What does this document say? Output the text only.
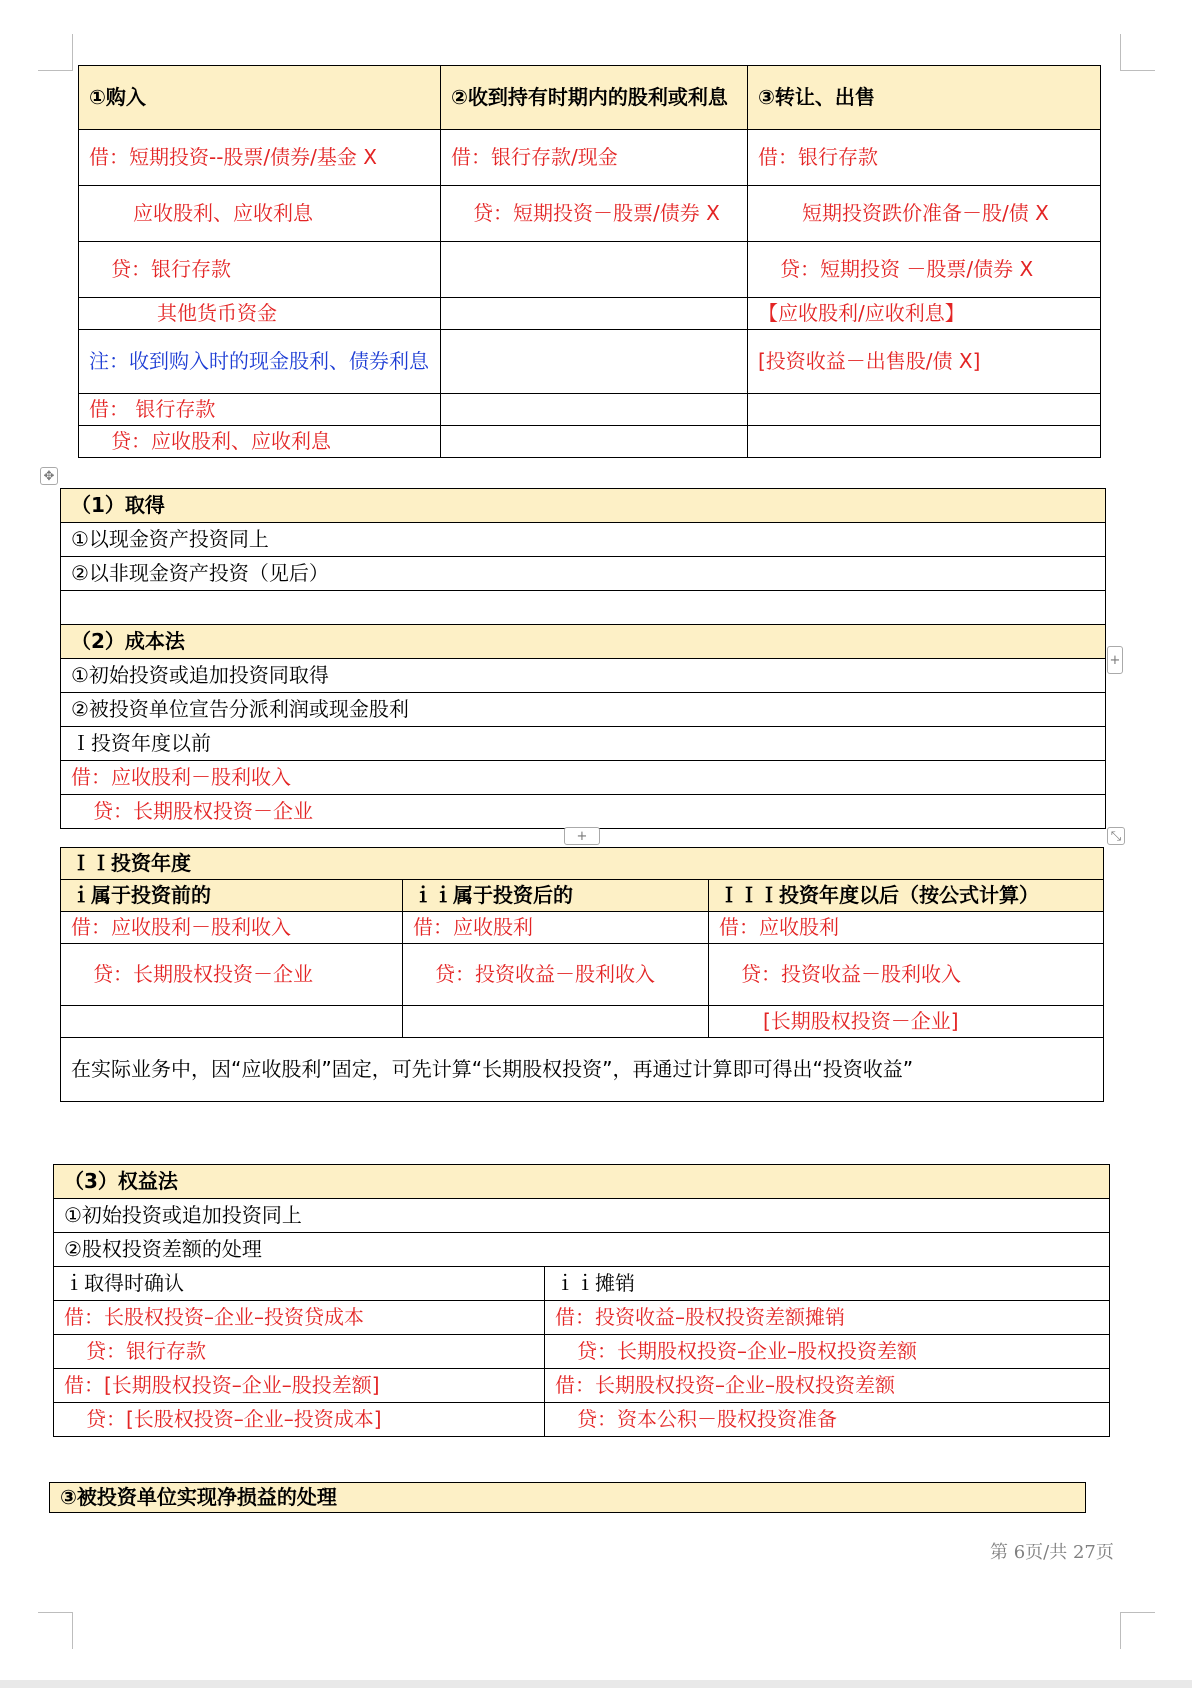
①购入	②收到持有时期内的股利或利息	③转让、出售
借：短期投资--股票/债券/基金 X	借：银行存款/现金	借：银行存款
应收股利、应收利息	贷：短期投资－股票/债券 X	短期投资跌价准备－股/债 X
贷：银行存款		贷：短期投资 －股票/债券 X
其他货币资金		【应收股利/应收利息】
注：收到购入时的现金股利、债券利息		[投资收益－出售股/债 X]
借： 银行存款		
贷：应收股利、应收利息		
✥
（1）取得
①以现金资产投资同上
②以非现金资产投资（见后）

（2）成本法
①初始投资或追加投资同取得
②被投资单位宣告分派利润或现金股利
Ｉ投资年度以前
借：应收股利－股利收入
贷：长期股权投资－企业
+
+	⤡
ＩＩ投资年度		
ｉ属于投资前的	ｉｉ属于投资后的	ＩＩＩ投资年度以后（按公式计算）
借：应收股利－股利收入	借：应收股利	借：应收股利
贷：长期股权投资－企业	贷：投资收益－股利收入	贷：投资收益－股利收入
		[长期股权投资－企业]
在实际业务中，因“应收股利”固定，可先计算“长期股权投资”，再通过计算即可得出“投资收益”		
（3）权益法	
①初始投资或追加投资同上	
②股权投资差额的处理	
ｉ取得时确认	ｉｉ摊销
借：长股权投资–企业–投资贷成本	借：投资收益–股权投资差额摊销
贷：银行存款	贷：长期股权投资–企业–股权投资差额
借：[长期股权投资–企业–股投差额]	借：长期股权投资–企业–股权投资差额
贷：[长股权投资–企业–投资成本]	贷：资本公积－股权投资准备
③被投资单位实现净损益的处理
第 6页/共 27页
